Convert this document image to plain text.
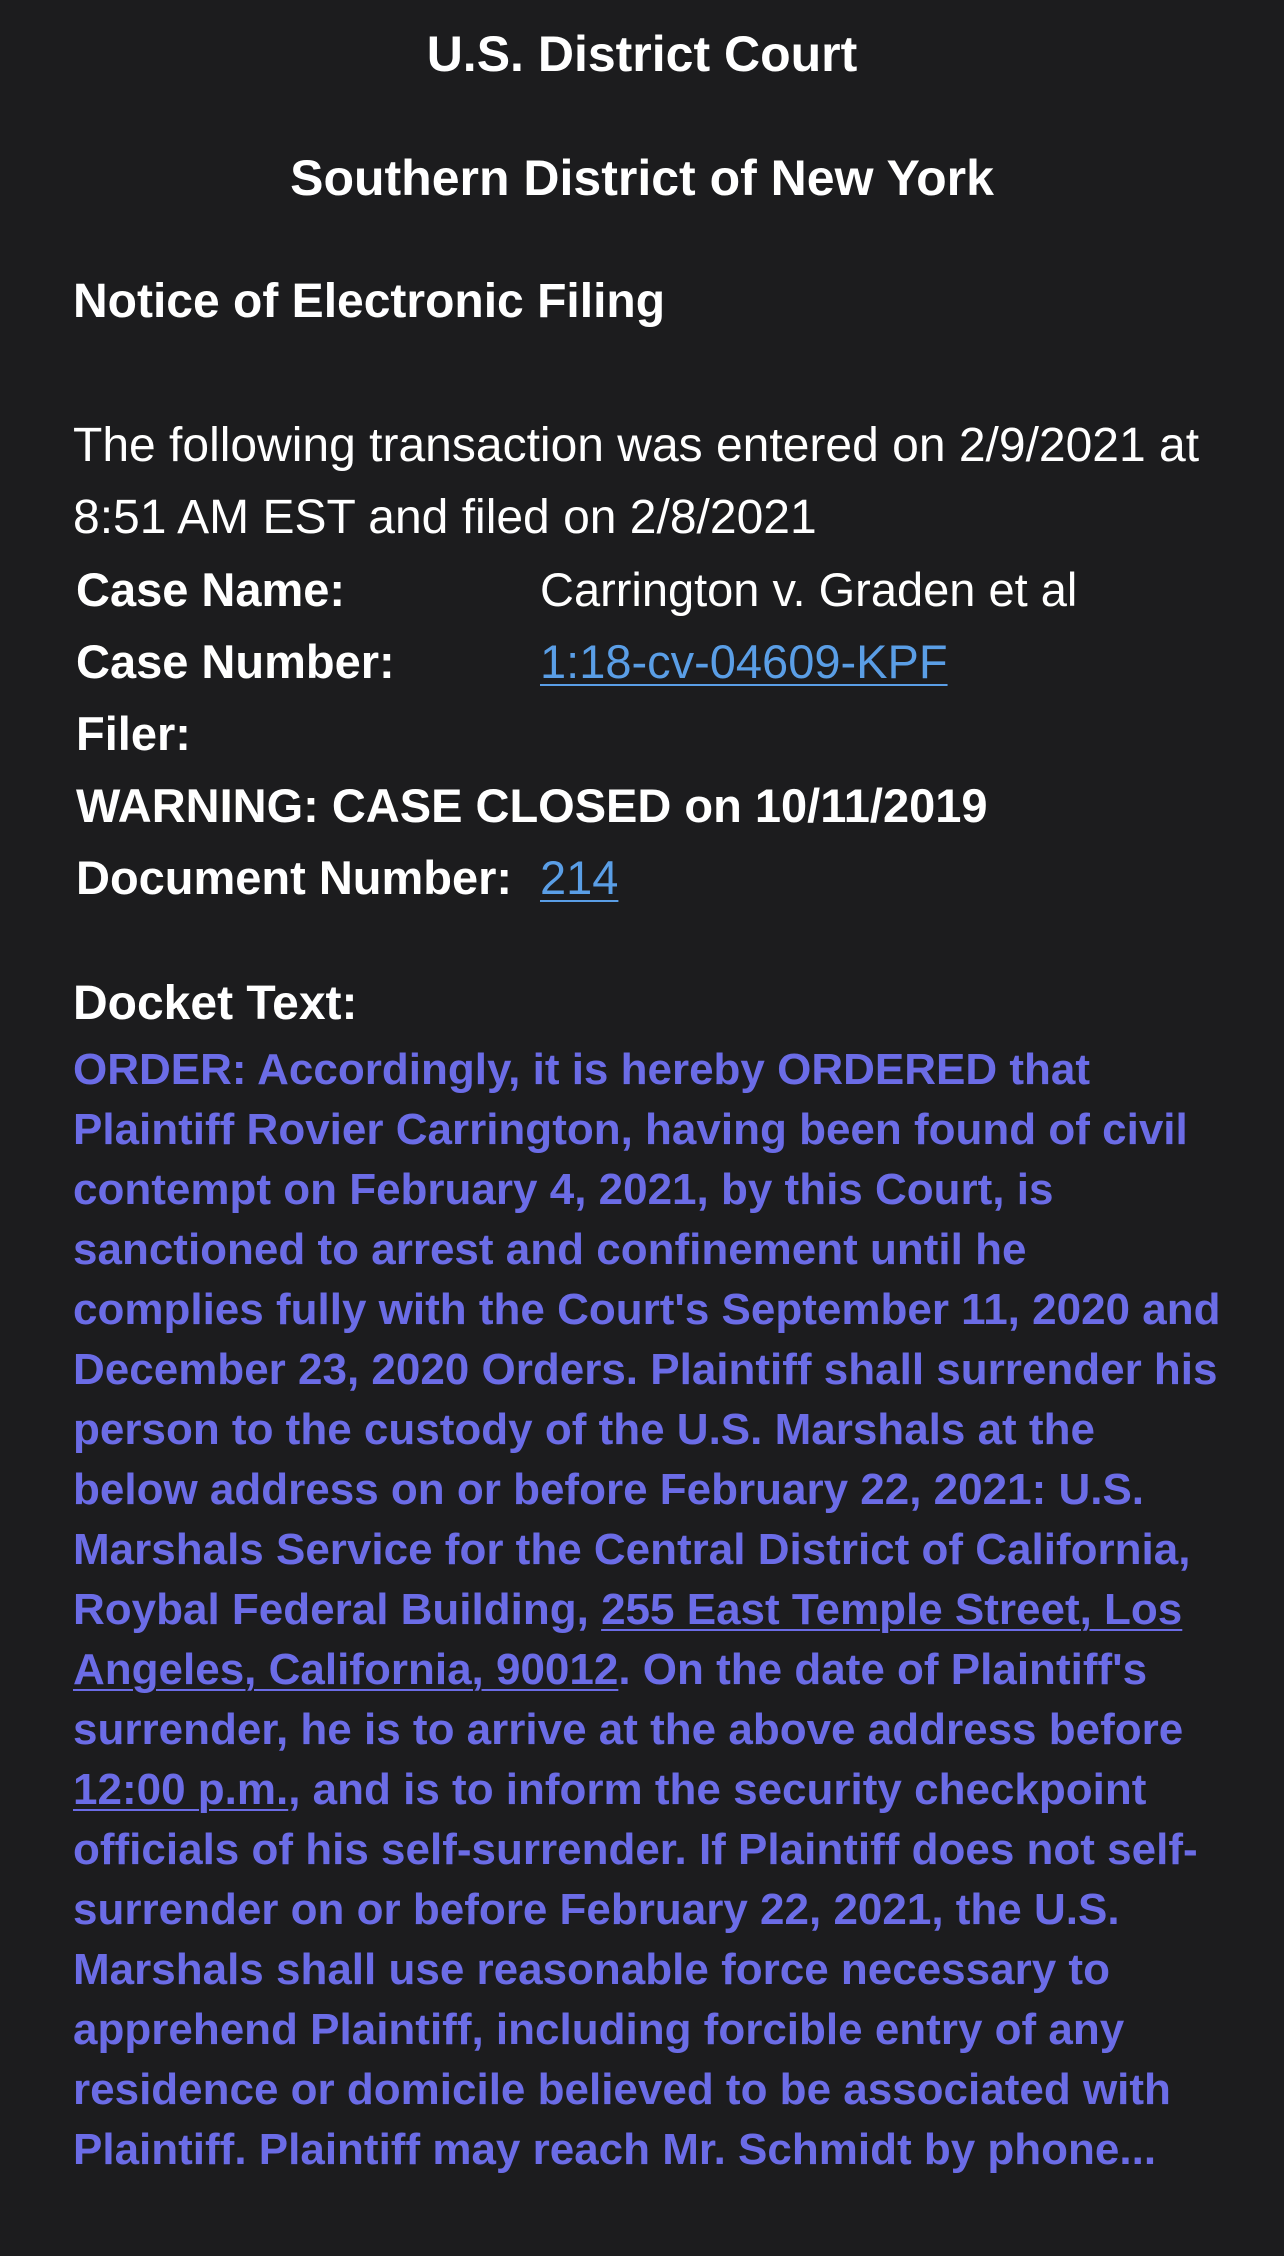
U.S. District Court
Southern District of New York
Notice of Electronic Filing
The following transaction was entered on 2/9/2021 at 8:51 AM EST and filed on 2/8/2021
Case Name:	Carrington v. Graden et al
Case Number:	1:18-cv-04609-KPF
Filer:	
WARNING: CASE CLOSED on 10/11/2019	
Document Number:	214
Docket Text:
ORDER: Accordingly, it is hereby ORDERED that Plaintiff Rovier Carrington, having been found of civil contempt on February 4, 2021, by this Court, is sanctioned to arrest and confinement until he complies fully with the Court's September 11, 2020 and December 23, 2020 Orders. Plaintiff shall surrender his person to the custody of the U.S. Marshals at the below address on or before February 22, 2021: U.S. Marshals Service for the Central District of California, Roybal Federal Building, 255 East Temple Street, Los Angeles, California, 90012. On the date of Plaintiff's surrender, he is to arrive at the above address before 12:00 p.m., and is to inform the security checkpoint officials of his self-surrender. If Plaintiff does not self-surrender on or before February 22, 2021, the U.S. Marshals shall use reasonable force necessary to apprehend Plaintiff, including forcible entry of any residence or domicile believed to be associated with Plaintiff. Plaintiff may reach Mr. Schmidt by phone...
